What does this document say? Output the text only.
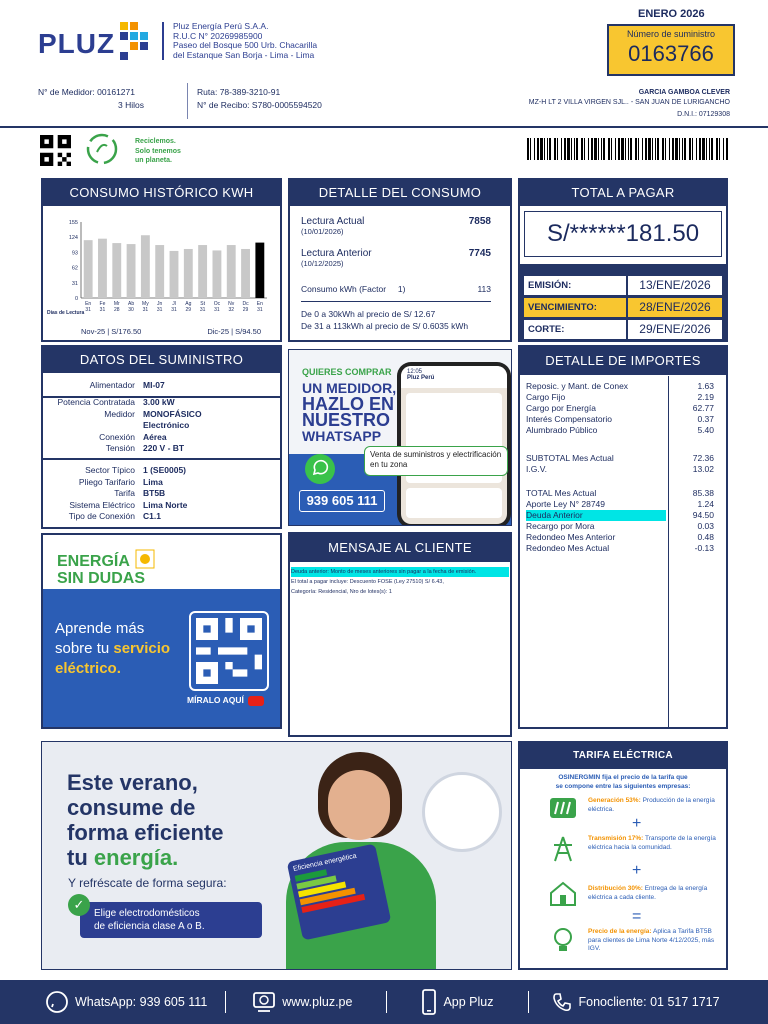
PLUZ
Pluz Energía Perú S.A.A.
R.U.C N° 20269985900
Paseo del Bosque 500 Urb. Chacarilla
del Estanque San Borja - Lima - Lima
ENERO 2026
Número de suministro
0163766
N° de Medidor: 00161271
3 Hilos
Ruta: 78-389-3210-91
N° de Recibo: S780-0005594520
GARCIA GAMBOA CLEVER
MZ-H LT 2 VILLA VIRGEN SJL.. - SAN JUAN DE LURIGANCHO
D.N.I.: 07129308
Reciclemos.
Solo tenemos
un planeta.
CONSUMO HISTÓRICO KWH
155
124
93
62
31
0
En
31
Fe
31
Mr
28
Ab
30
My
31
Jn
31
Jl
31
Ag
29
St
31
Oc
31
Nv
32
Dc
29
En
31
Días de Lectura
Nov-25 | S/176.50	Dic-25 | S/94.50
DETALLE DEL CONSUMO
Lectura Actual	7858
(10/01/2026)
Lectura Anterior	7745
(10/12/2025)
Consumo kWh (Factor 1)	113
De 0 a 30kWh al precio de S/ 12.67
De 31 a 113kWh al precio de S/ 0.6035 kWh
TOTAL A PAGAR
S/******181.50
EMISIÓN:	13/ENE/2026
VENCIMIENTO:	28/ENE/2026
CORTE:	29/ENE/2026
DATOS DEL SUMINISTRO
Alimentador MI-07
Potencia Contratada 3.00 kW
Medidor MONOFÁSICO
Electrónico
Conexión Aérea
Tensión 220 V - BT
Sector Típico 1 (SE0005)
Pliego Tarifario Lima
Tarifa BT5B
Sistema Eléctrico Lima Norte
Tipo de Conexión C1.1
QUIERES COMPRAR
UN MEDIDOR,
HAZLO EN
NUESTRO
WHATSAPP
939 605 111
12:05
Pluz Perú
Venta de suministros y electrificación en tu zona
DETALLE DE IMPORTES
Reposic. y Mant. de Conex	1.63
Cargo Fijo	2.19
Cargo por Energía	62.77
Interés Compensatorio	0.37
Alumbrado Público	5.40
SUBTOTAL Mes Actual	72.36
I.G.V.	13.02
TOTAL Mes Actual	85.38
Aporte Ley N° 28749	1.24
Deuda Anterior	94.50
Recargo por Mora	0.03
Redondeo Mes Anterior	0.48
Redondeo Mes Actual	-0.13
ENERGÍA
SIN DUDAS
Aprende más
sobre tu servicio
eléctrico.
MÍRALO AQUÍ
MENSAJE AL CLIENTE
Deuda anterior: Monto de meses anteriores sin pagar a la fecha de emisión.
El total a pagar incluye: Descuento FOSE (Ley 27510) S/ 6.43,
Categoría: Residencial, Nro de lotes(s): 1
Este verano,
consume de
forma eficiente
tu energía.
Y refréscate de forma segura:
Elige electrodomésticos
de eficiencia clase A o B.
✓
Eficiencia energética
TARIFA ELÉCTRICA
OSINERGMIN fija el precio de la tarifa que
se compone entre las siguientes empresas:
Generación 53%: Producción de la energía eléctrica.
+
Transmisión 17%: Transporte de la energía eléctrica hacia la comunidad.
+
Distribución 30%: Entrega de la energía eléctrica a cada cliente.
=
Precio de la energía: Aplica a Tarifa BT5B para clientes de Lima Norte 4/12/2025, más IGV.
WhatsApp: 939 605 111	www.pluz.pe	App Pluz	Fonocliente: 01 517 1717
